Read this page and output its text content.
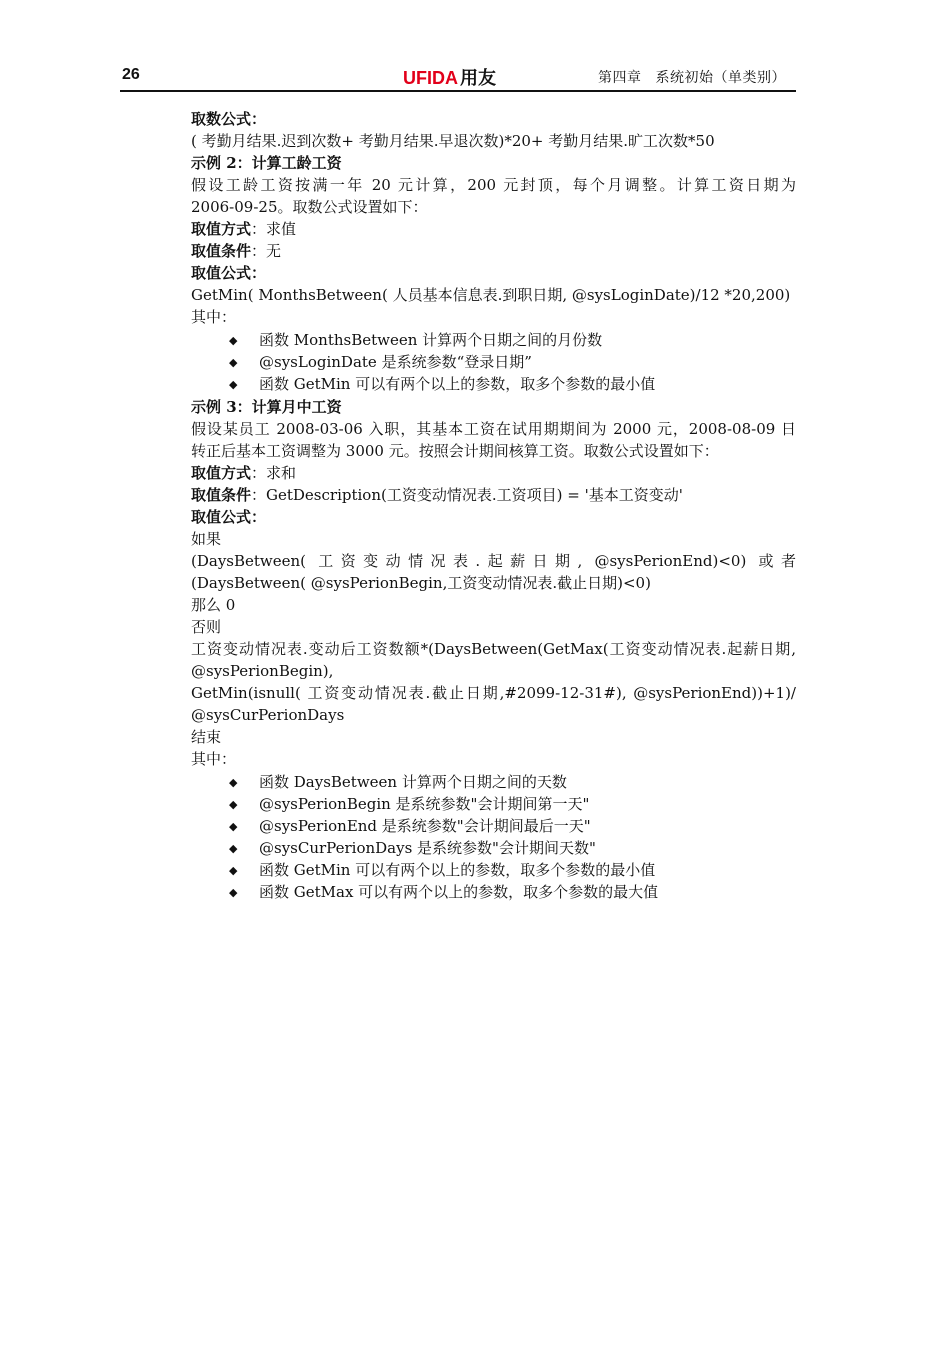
26	UFIDA 用友	第四章 系统初始（单类别）

取数公式：

( 考勤月结果.迟到次数+ 考勤月结果.早退次数)*20+ 考勤月结果.旷工次数*50

示例 2：计算工龄工资

假设工龄工资按满一年 20 元计算，200 元封顶，每个月调整。计算工资日期为

2006-09-25。取数公式设置如下：

取值方式：求值

取值条件：无

取值公式：

GetMin( MonthsBetween( 人员基本信息表.到职日期, @sysLoginDate)/12 *20,200)

其中：

◆ 函数 MonthsBetween 计算两个日期之间的月份数
◆ @sysLoginDate 是系统参数“登录日期”
◆ 函数 GetMin 可以有两个以上的参数，取多个参数的最小值

示例 3：计算月中工资

假设某员工 2008-03-06 入职，其基本工资在试用期期间为 2000 元，2008-08-09 日

转正后基本工资调整为 3000 元。按照会计期间核算工资。取数公式设置如下：

取值方式：求和

取值条件：GetDescription(工资变动情况表.工资项目) = '基本工资变动'

取值公式：

如果

(DaysBetween( 工资变动情况表.起薪日期, @sysPerionEnd)<0) 或者

(DaysBetween( @sysPerionBegin,工资变动情况表.截止日期)<0)

那么 0

否则

工资变动情况表.变动后工资数额*(DaysBetween(GetMax(工资变动情况表.起薪日期,

@sysPerionBegin),

GetMin(isnull( 工资变动情况表.截止日期,#2099-12-31#), @sysPerionEnd))+1)/

@sysCurPerionDays

结束

其中：

◆ 函数 DaysBetween 计算两个日期之间的天数
◆ @sysPerionBegin 是系统参数"会计期间第一天"
◆ @sysPerionEnd 是系统参数"会计期间最后一天"
◆ @sysCurPerionDays 是系统参数"会计期间天数"
◆ 函数 GetMin 可以有两个以上的参数，取多个参数的最小值
◆ 函数 GetMax 可以有两个以上的参数，取多个参数的最大值
